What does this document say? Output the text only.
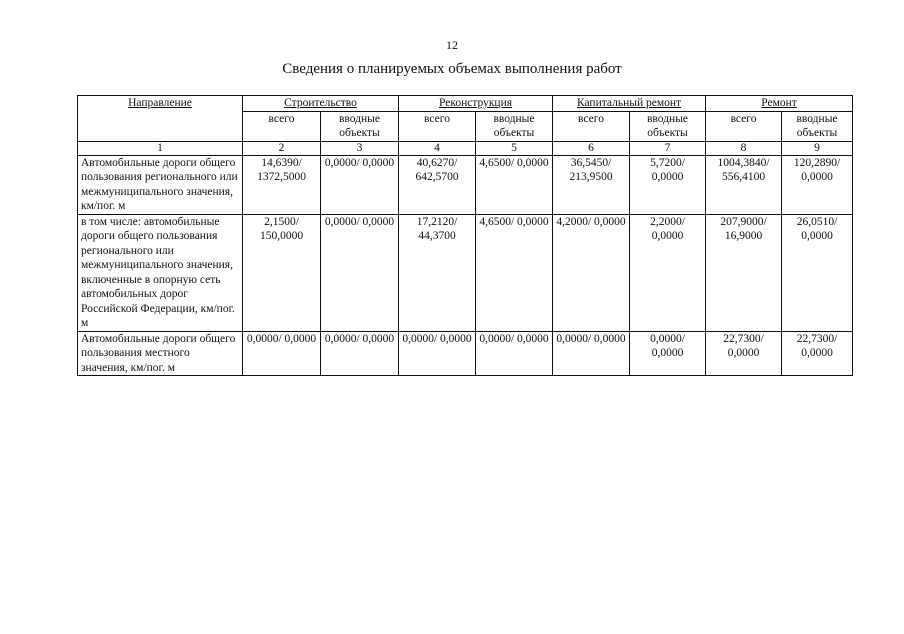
12
Сведения о планируемых объемах выполнения работ
Направление	Строительство		Реконструкция		Капитальный ремонт		Ремонт	
	всего	вводные объекты	всего	вводные объекты	всего	вводные объекты	всего	вводные объекты
1	2	3	4	5	6	7	8	9
Автомобильные дороги общего пользования регионального или межмуниципального значения, км/пог. м	14,6390/ 1372,5000	0,0000/ 0,0000	40,6270/ 642,5700	4,6500/ 0,0000	36,5450/ 213,9500	5,7200/ 0,0000	1004,3840/ 556,4100	120,2890/ 0,0000
в том числе: автомобильные дороги общего пользования регионального или межмуниципального значения, включенные в опорную сеть автомобильных дорог Российской Федерации, км/пог. м	2,1500/ 150,0000	0,0000/ 0,0000	17,2120/ 44,3700	4,6500/ 0,0000	4,2000/ 0,0000	2,2000/ 0,0000	207,9000/ 16,9000	26,0510/ 0,0000
Автомобильные дороги общего пользования местного значения, км/пог. м	0,0000/ 0,0000	0,0000/ 0,0000	0,0000/ 0,0000	0,0000/ 0,0000	0,0000/ 0,0000	0,0000/ 0,0000	22,7300/ 0,0000	22,7300/ 0,0000
